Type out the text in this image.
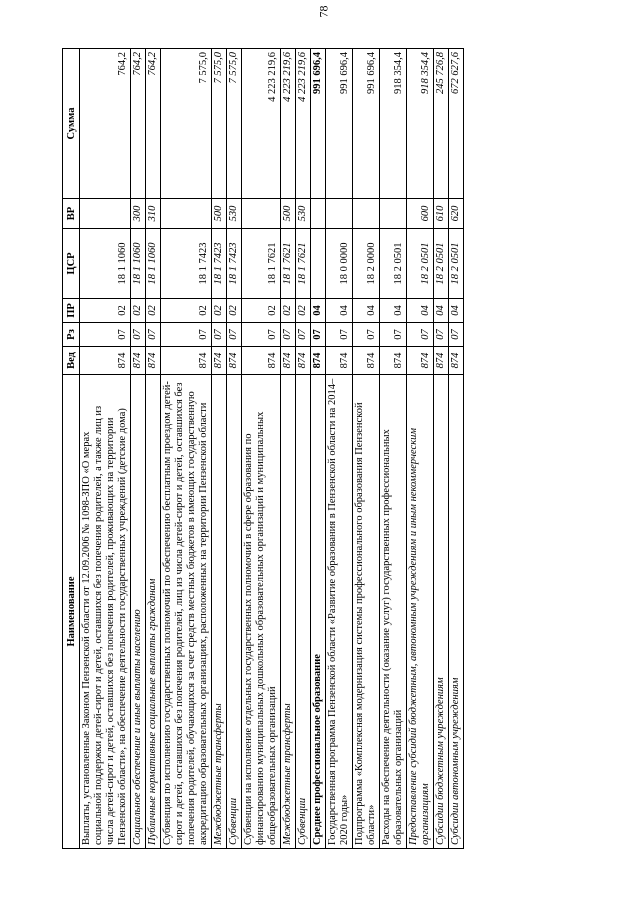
78
Наименование	Вед	Рз	ПР	ЦСР	ВР	Сумма
Выплаты, установленные Законом Пензенской области от 12.09.2006 № 1098-ЗПО «О мерах социальной поддержки детей-сирот и детей, оставшихся без попечения родителей, а также лиц из числа детей-сирот и детей, оставшихся без попечения родителей, проживающих на территории Пензенской области», на обеспечение деятельности государственных учреждений (детские дома)	874	07	02	18 1 1060		764,2
Социальное обеспечение и иные выплаты населению	874	07	02	18 1 1060	300	764,2
Публичные нормативные социальные выплаты гражданам	874	07	02	18 1 1060	310	764,2
Субвенция по исполнению государственных полномочий по обеспечению бесплатным проездом детей-сирот и детей, оставшихся без попечения родителей, лиц из числа детей-сирот и детей, оставшихся без попечения родителей, обучающихся за счет средств местных бюджетов в имеющих государственную аккредитацию образовательных организациях, расположенных на территории Пензенской области	874	07	02	18 1 7423		7 575,0
Межбюджетные трансферты	874	07	02	18 1 7423	500	7 575,0
Субвенции	874	07	02	18 1 7423	530	7 575,0
Субвенции на исполнение отдельных государственных полномочий в сфере образования по финансированию муниципальных дошкольных образовательных организаций и муниципальных общеобразовательных организаций	874	07	02	18 1 7621		4 223 219,6
Межбюджетные трансферты	874	07	02	18 1 7621	500	4 223 219,6
Субвенции	874	07	02	18 1 7621	530	4 223 219,6
Среднее профессиональное образование	874	07	04			991 696,4
Государственная программа Пензенской области «Развитие образования в Пензенской области на 2014–2020 годы»	874	07	04	18 0 0000		991 696,4
Подпрограмма «Комплексная модернизация системы профессионального образования Пензенской области»	874	07	04	18 2 0000		991 696,4
Расходы на обеспечение деятельности (оказание услуг) государственных профессиональных образовательных организаций	874	07	04	18 2 0501		918 354,4
Предоставление субсидий бюджетным, автономным учреждениям и иным некоммерческим организациям	874	07	04	18 2 0501	600	918 354,4
Субсидии бюджетным учреждениям	874	07	04	18 2 0501	610	245 726,8
Субсидии автономным учреждениям	874	07	04	18 2 0501	620	672 627,6
